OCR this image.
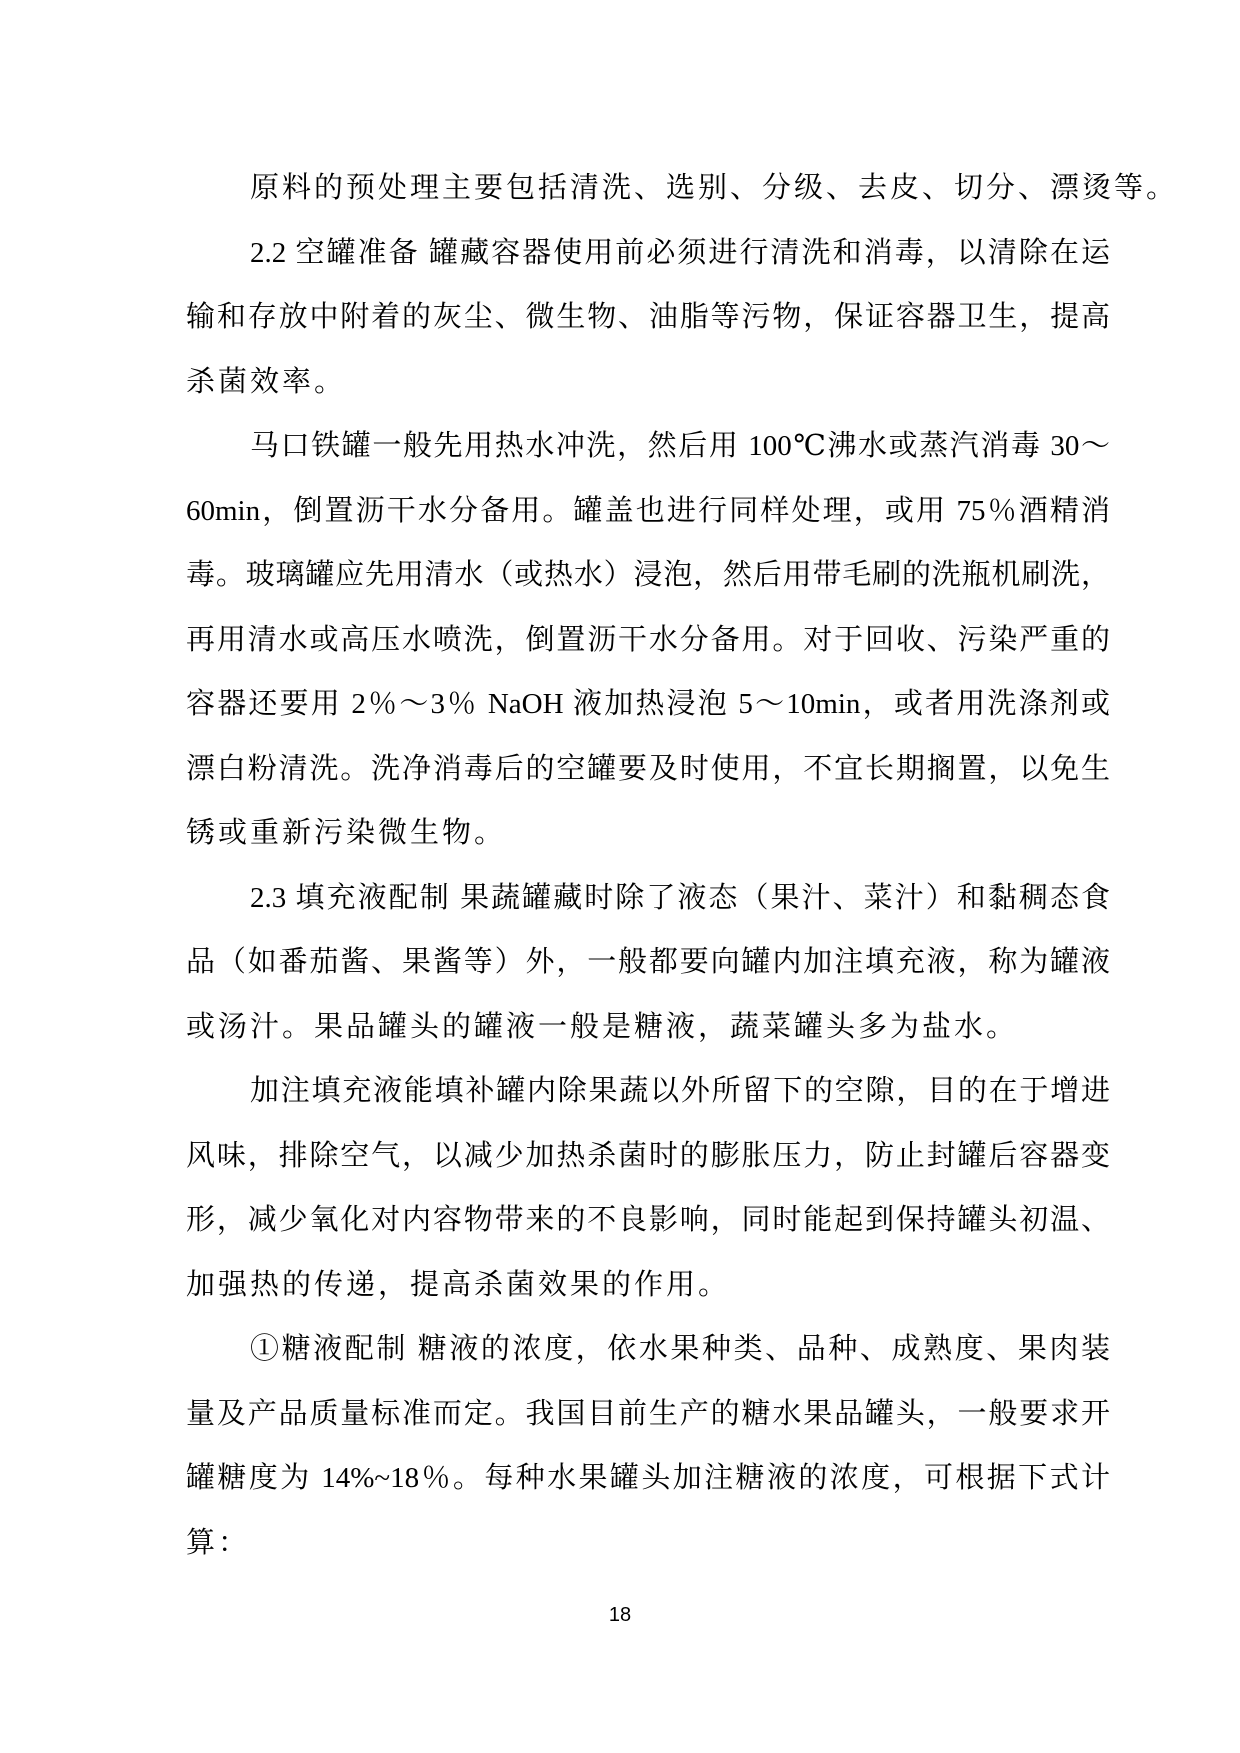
原料的预处理主要包括清洗、选别、分级、去皮、切分、漂烫等。
2.2 空罐准备 罐藏容器使用前必须进行清洗和消毒，以清除在运
输和存放中附着的灰尘、微生物、油脂等污物，保证容器卫生，提高
杀菌效率。
马口铁罐一般先用热水冲洗，然后用 100℃沸水或蒸汽消毒 30～
60min，倒置沥干水分备用。罐盖也进行同样处理，或用 75％酒精消
毒。玻璃罐应先用清水（或热水）浸泡，然后用带毛刷的洗瓶机刷洗，
再用清水或高压水喷洗，倒置沥干水分备用。对于回收、污染严重的
容器还要用 2％～3％ NaOH 液加热浸泡 5～10min，或者用洗涤剂或
漂白粉清洗。洗净消毒后的空罐要及时使用，不宜长期搁置，以免生
锈或重新污染微生物。
2.3 填充液配制 果蔬罐藏时除了液态（果汁、菜汁）和黏稠态食
品（如番茄酱、果酱等）外，一般都要向罐内加注填充液，称为罐液
或汤汁。果品罐头的罐液一般是糖液，蔬菜罐头多为盐水。
加注填充液能填补罐内除果蔬以外所留下的空隙，目的在于增进
风味，排除空气，以减少加热杀菌时的膨胀压力，防止封罐后容器变
形，减少氧化对内容物带来的不良影响，同时能起到保持罐头初温、
加强热的传递，提高杀菌效果的作用。
①糖液配制 糖液的浓度，依水果种类、品种、成熟度、果肉装
量及产品质量标准而定。我国目前生产的糖水果品罐头，一般要求开
罐糖度为 14%~18％。每种水果罐头加注糖液的浓度，可根据下式计
算：
18
